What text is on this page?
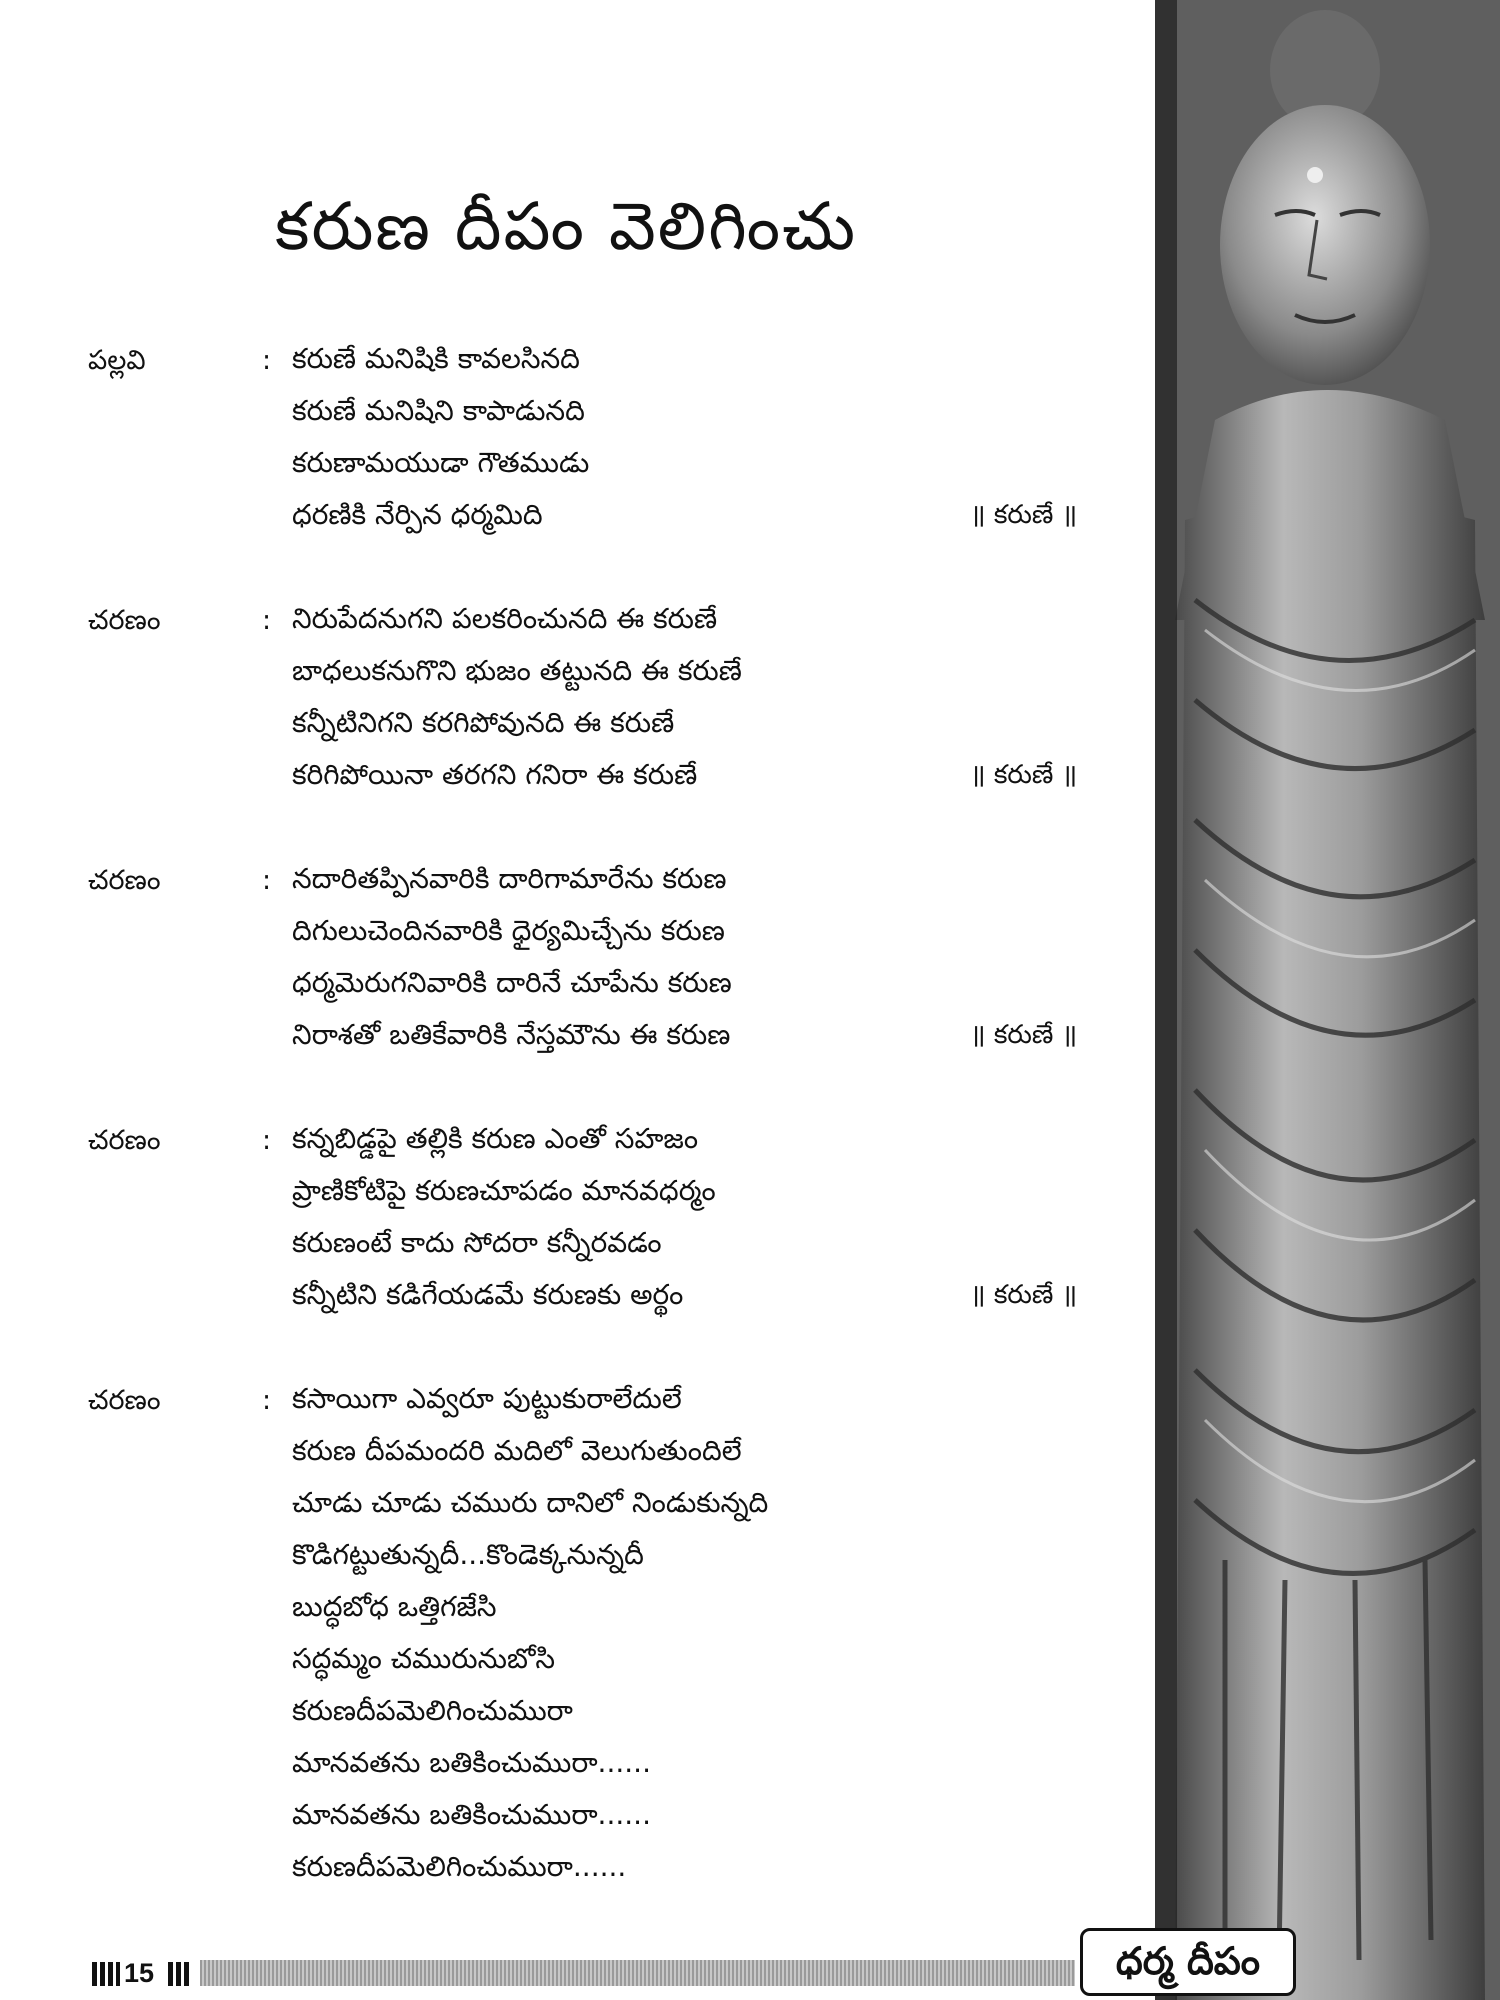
కరుణ దీపం వెలిగించు
పల్లవి	: కరుణే మనిషికి కావలసినది
కరుణే మనిషిని కాపాడునది
కరుణామయుడా గౌతముడు
ధరణికి నేర్పిన ధర్మమిది	॥ కరుణే ॥
చరణం	: నిరుపేదనుగని పలకరించునది ఈ కరుణే
బాధలుకనుగొని భుజం తట్టునది ఈ కరుణే
కన్నీటినిగని కరగిపోవునది ఈ కరుణే
కరిగిపోయినా తరగని గనిరా ఈ కరుణే	॥ కరుణే ॥
చరణం	: నదారితప్పినవారికి దారిగామారేను కరుణ
దిగులుచెందినవారికి ధైర్యమిచ్చేను కరుణ
ధర్మమెరుగనివారికి దారినే చూపేను కరుణ
నిరాశతో బతికేవారికి నేస్తమౌను ఈ కరుణ	॥ కరుణే ॥
చరణం	: కన్నబిడ్డపై తల్లికి కరుణ ఎంతో సహజం
ప్రాణికోటిపై కరుణచూపడం మానవధర్మం
కరుణంటే కాదు సోదరా కన్నీరవడం
కన్నీటిని కడిగేయడమే కరుణకు అర్థం	॥ కరుణే ॥
చరణం	: కసాయిగా ఎవ్వరూ పుట్టుకురాలేదులే
కరుణ దీపమందరి మదిలో వెలుగుతుందిలే
చూడు చూడు చమురు దానిలో నిండుకున్నది
కొడిగట్టుతున్నదీ...కొండెక్కనున్నదీ
బుద్ధబోధ ఒత్తిగజేసి
సద్ధమ్మం చమురునుబోసి
కరుణదీపమెలిగించుమురా
మానవతను బతికించుమురా......
మానవతను బతికించుమురా......
కరుణదీపమెలిగించుమురా......
15	ధర్మ దీపం
